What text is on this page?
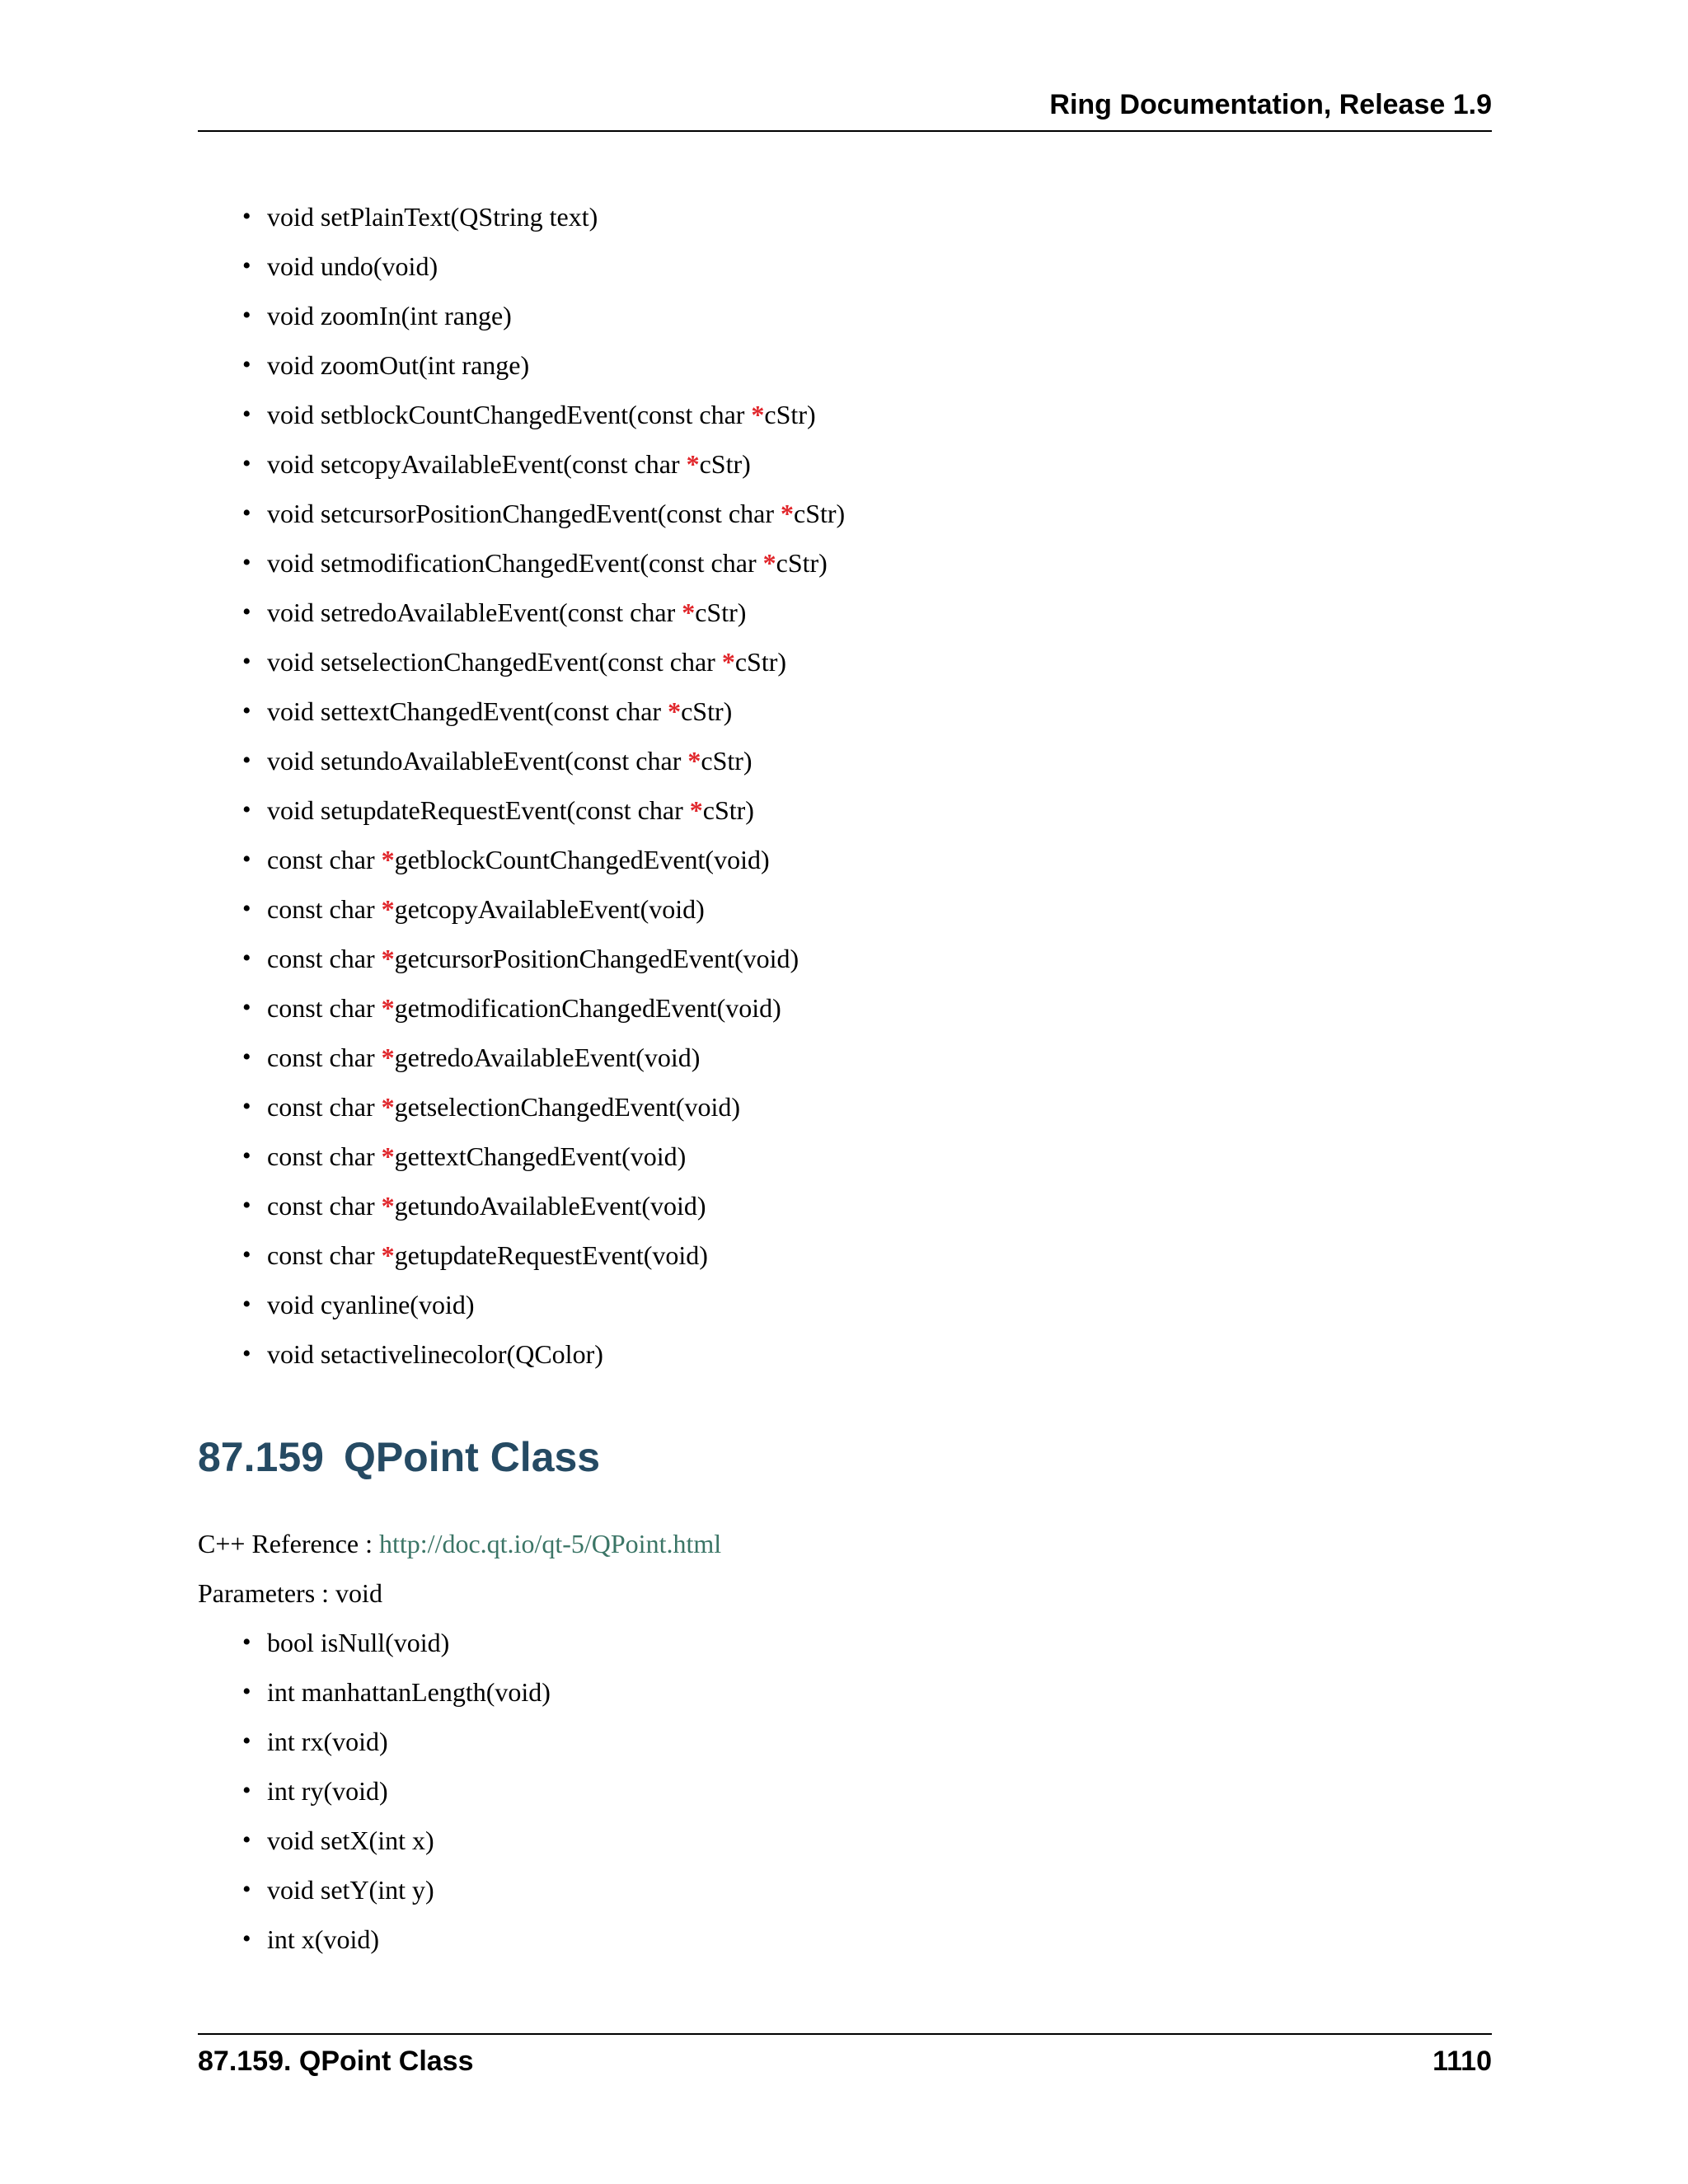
Ring Documentation, Release 1.9
• void setPlainText(QString text)
• void undo(void)
• void zoomIn(int range)
• void zoomOut(int range)
• void setblockCountChangedEvent(const char *cStr)
• void setcopyAvailableEvent(const char *cStr)
• void setcursorPositionChangedEvent(const char *cStr)
• void setmodificationChangedEvent(const char *cStr)
• void setredoAvailableEvent(const char *cStr)
• void setselectionChangedEvent(const char *cStr)
• void settextChangedEvent(const char *cStr)
• void setundoAvailableEvent(const char *cStr)
• void setupdateRequestEvent(const char *cStr)
• const char *getblockCountChangedEvent(void)
• const char *getcopyAvailableEvent(void)
• const char *getcursorPositionChangedEvent(void)
• const char *getmodificationChangedEvent(void)
• const char *getredoAvailableEvent(void)
• const char *getselectionChangedEvent(void)
• const char *gettextChangedEvent(void)
• const char *getundoAvailableEvent(void)
• const char *getupdateRequestEvent(void)
• void cyanline(void)
• void setactivelinecolor(QColor)
87.159 QPoint Class

C++ Reference : http://doc.qt.io/qt-5/QPoint.html

Parameters : void

• bool isNull(void)
• int manhattanLength(void)
• int rx(void)
• int ry(void)
• void setX(int x)
• void setY(int y)
• int x(void)
87.159. QPoint Class	1110
